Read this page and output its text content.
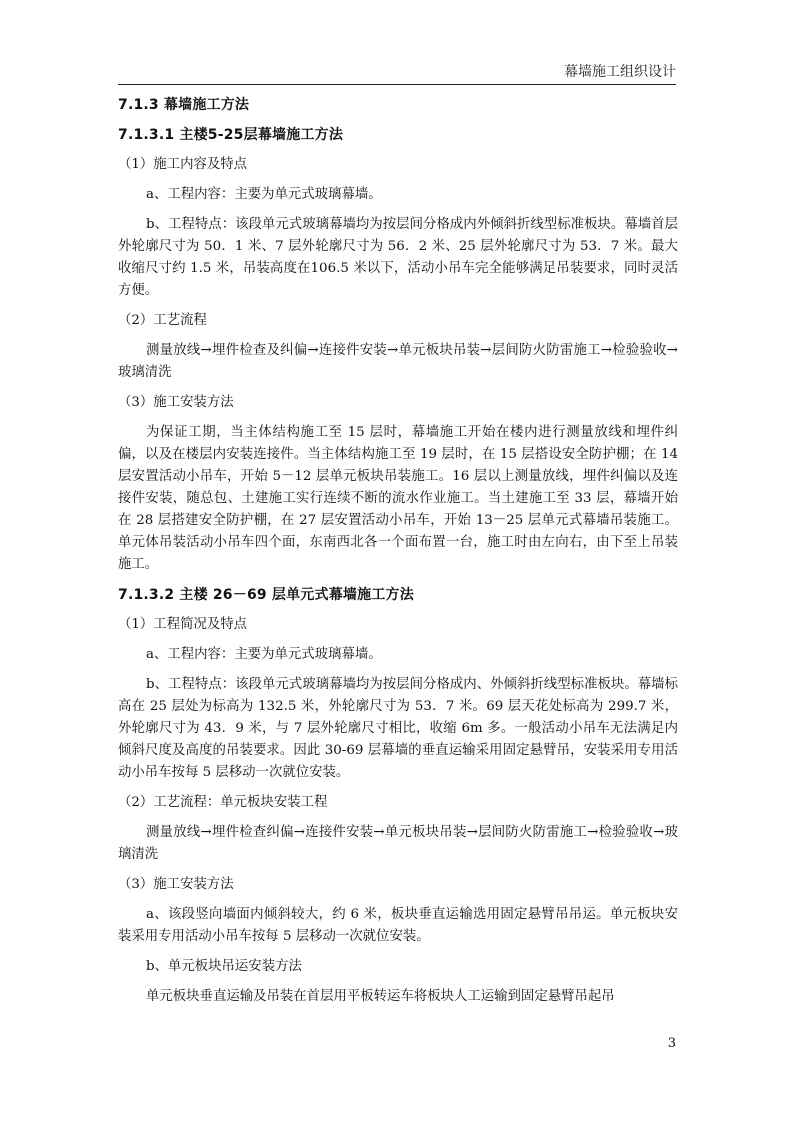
幕墙施工组织设计
7.1.3 幕墙施工方法
7.1.3.1 主楼5-25层幕墙施工方法
（1）施工内容及特点
a、工程内容：主要为单元式玻璃幕墙。
b、工程特点：该段单元式玻璃幕墙均为按层间分格成内外倾斜折线型标准板块。幕墙首层外轮廓尺寸为 50．1 米、7 层外轮廓尺寸为 56．2 米、25 层外轮廓尺寸为 53．7 米。最大收缩尺寸约 1.5 米，吊装高度在106.5 米以下，活动小吊车完全能够满足吊装要求，同时灵活方便。
（2）工艺流程
测量放线→埋件检查及纠偏→连接件安装→单元板块吊装→层间防火防雷施工→检验验收→玻璃清洗
（3）施工安装方法
为保证工期，当主体结构施工至 15 层时，幕墙施工开始在楼内进行测量放线和埋件纠偏，以及在楼层内安装连接件。当主体结构施工至 19 层时，在 15 层搭设安全防护棚；在 14 层安置活动小吊车，开始 5－12 层单元板块吊装施工。16 层以上测量放线，埋件纠偏以及连接件安装，随总包、土建施工实行连续不断的流水作业施工。当土建施工至 33 层，幕墙开始在 28 层搭建安全防护棚，在 27 层安置活动小吊车，开始 13－25 层单元式幕墙吊装施工。单元体吊装活动小吊车四个面，东南西北各一个面布置一台，施工时由左向右，由下至上吊装施工。
7.1.3.2 主楼 26－69 层单元式幕墙施工方法
（1）工程简况及特点
a、工程内容：主要为单元式玻璃幕墙。
b、工程特点：该段单元式玻璃幕墙均为按层间分格成内、外倾斜折线型标准板块。幕墙标高在 25 层处为标高为 132.5 米，外轮廓尺寸为 53．7 米。69 层天花处标高为 299.7 米，外轮廓尺寸为 43．9 米，与 7 层外轮廓尺寸相比，收缩 6m 多。一般活动小吊车无法满足内倾斜尺度及高度的吊装要求。因此 30-69 层幕墙的垂直运输采用固定悬臂吊，安装采用专用活动小吊车按每 5 层移动一次就位安装。
（2）工艺流程：单元板块安装工程
测量放线→埋件检查纠偏→连接件安装→单元板块吊装→层间防火防雷施工→检验验收→玻璃清洗
（3）施工安装方法
a、该段竖向墙面内倾斜较大，约 6 米，板块垂直运输选用固定悬臂吊吊运。单元板块安装采用专用活动小吊车按每 5 层移动一次就位安装。
b、单元板块吊运安装方法
单元板块垂直运输及吊装在首层用平板转运车将板块人工运输到固定悬臂吊起吊
3
